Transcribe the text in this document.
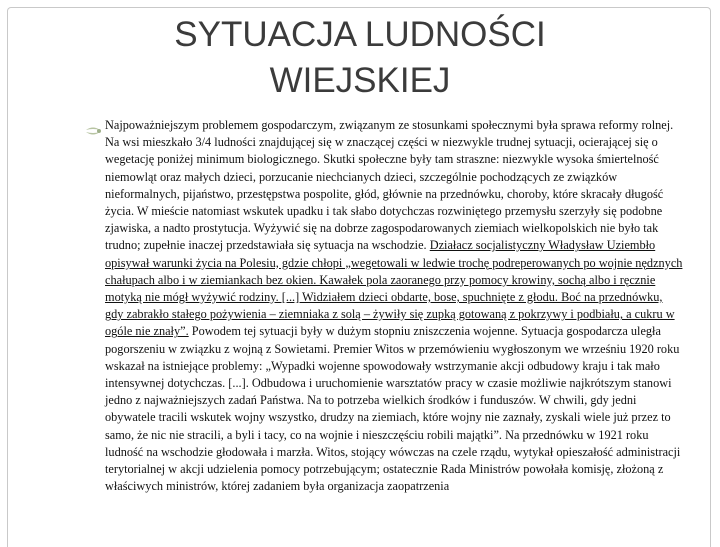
SYTUACJA LUDNOŚCI
WIEJSKIEJ

Najpoważniejszym problemem gospodarczym, związanym ze stosunkami społecznymi była sprawa reformy rolnej. Na wsi mieszkało 3/4 ludności znajdującej się w znaczącej części w niezwykle trudnej sytuacji, ocierającej się o wegetację poniżej minimum biologicznego. Skutki społeczne były tam straszne: niezwykle wysoka śmiertelność niemowląt oraz małych dzieci, porzucanie niechcianych dzieci, szczególnie pochodzących ze związków nieformalnych, pijaństwo, przestępstwa pospolite, głód, głównie na przednówku, choroby, które skracały długość życia. W mieście natomiast wskutek upadku i tak słabo dotychczas rozwiniętego przemysłu szerzyły się podobne zjawiska, a nadto prostytucja. Wyżywić się na dobrze zagospodarowanych ziemiach wielkopolskich nie było tak trudno; zupełnie inaczej przedstawiała się sytuacja na wschodzie. Działacz socjalistyczny Władysław Uziembło opisywał warunki życia na Polesiu, gdzie chłopi „wegetowali w ledwie trochę podreperowanych po wojnie nędznych chałupach albo i w ziemiankach bez okien. Kawałek pola zaoranego przy pomocy krowiny, sochą albo i ręcznie motyką nie mógł wyżywić rodziny. [...] Widziałem dzieci obdarte, bose, spuchnięte z głodu. Boć na przednówku, gdy zabrakło stałego pożywienia – ziemniaka z solą – żywiły się zupką gotowaną z pokrzywy i podbiału, a cukru w ogóle nie znały”. Powodem tej sytuacji były w dużym stopniu zniszczenia wojenne. Sytuacja gospodarcza uległa pogorszeniu w związku z wojną z Sowietami. Premier Witos w przemówieniu wygłoszonym we wrześniu 1920 roku wskazał na istniejące problemy: „Wypadki wojenne spowodowały wstrzymanie akcji odbudowy kraju i tak mało intensywnej dotychczas. [...]. Odbudowa i uruchomienie warsztatów pracy w czasie możliwie najkrótszym stanowi jedno z najważniejszych zadań Państwa. Na to potrzeba wielkich środków i funduszów. W chwili, gdy jedni obywatele tracili wskutek wojny wszystko, drudzy na ziemiach, które wojny nie zaznały, zyskali wiele już przez to samo, że nic nie stracili, a byli i tacy, co na wojnie i nieszczęściu robili majątki”. Na przednówku w 1921 roku ludność na wschodzie głodowała i marzła. Witos, stojący wówczas na czele rządu, wytykał opieszałość administracji terytorialnej w akcji udzielenia pomocy potrzebującym; ostatecznie Rada Ministrów powołała komisję, złożoną z właściwych ministrów, której zadaniem była organizacja zaopatrzenia
